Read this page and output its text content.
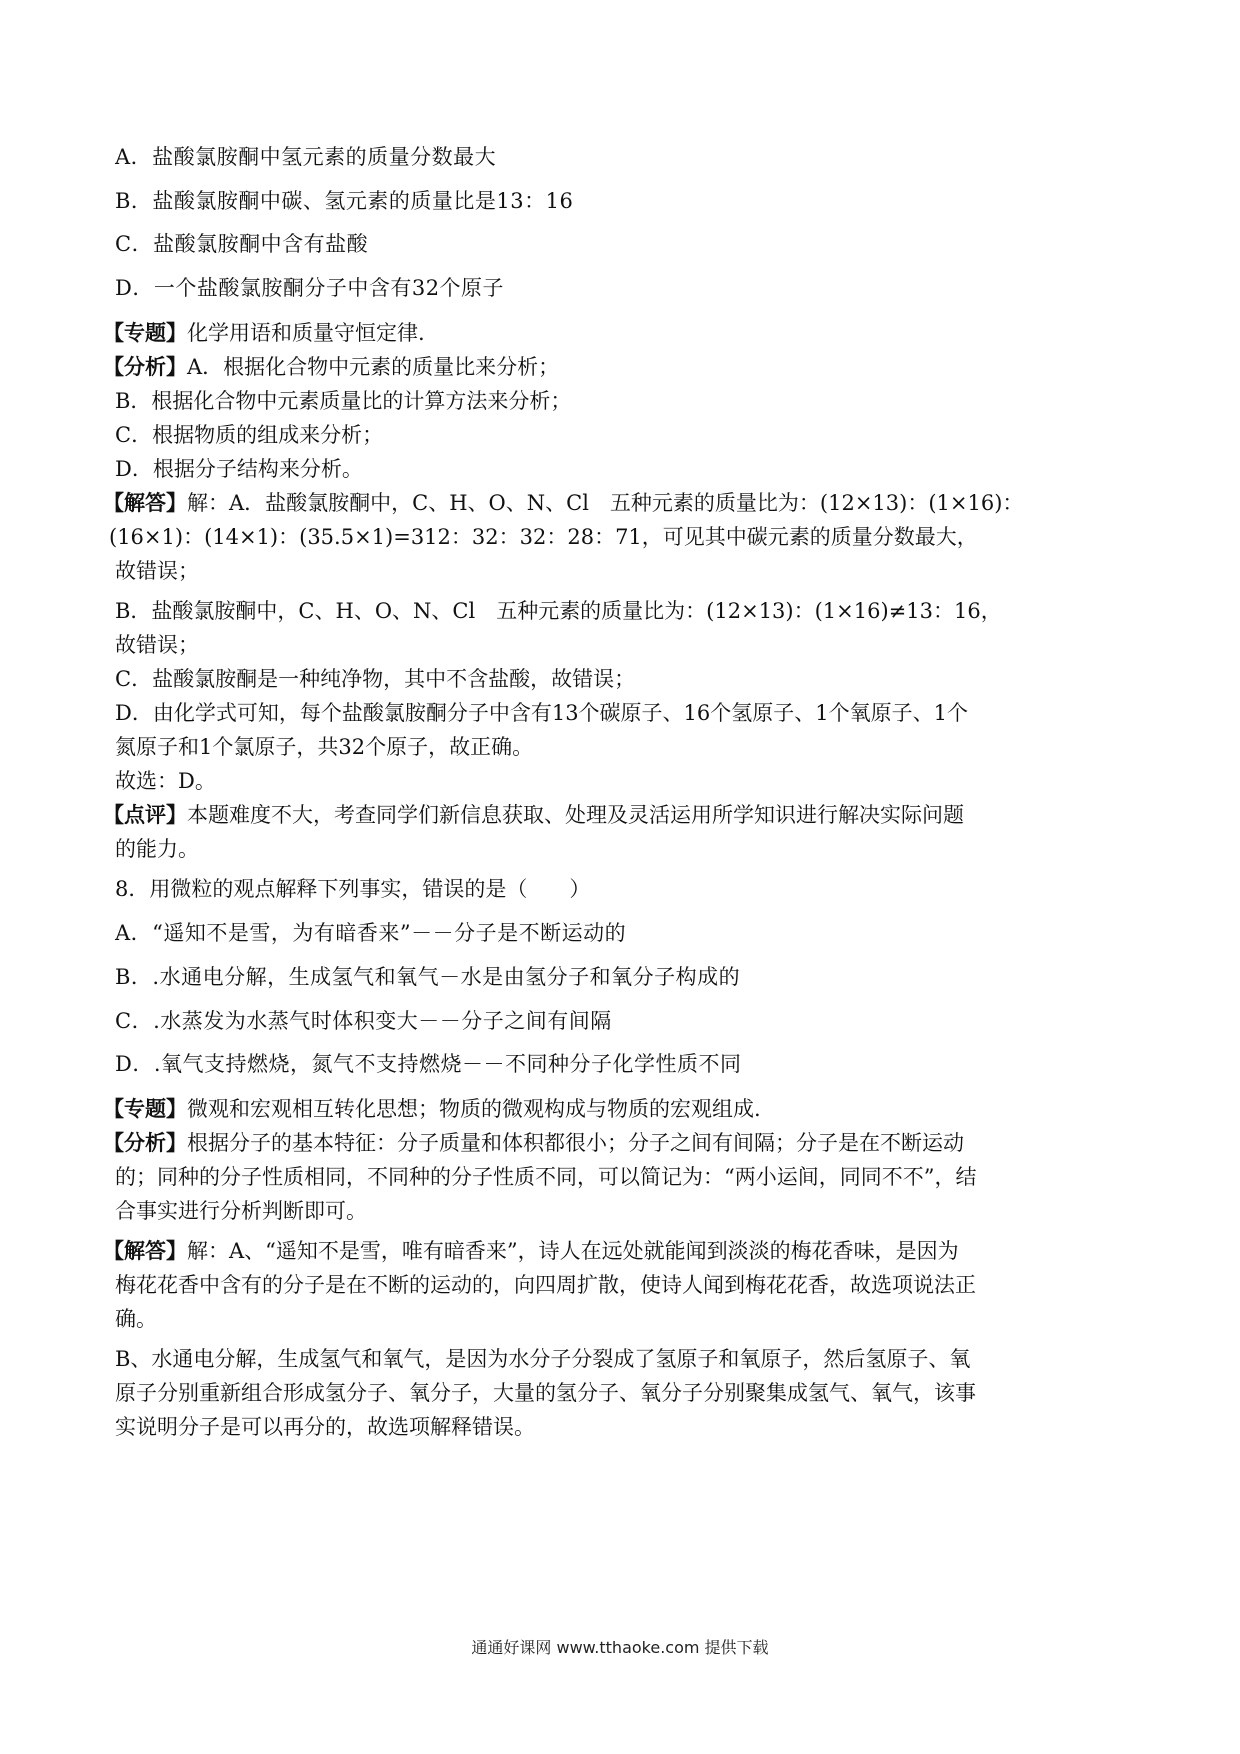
A．盐酸氯胺酮中氢元素的质量分数最大
B．盐酸氯胺酮中碳、氢元素的质量比是13：16
C．盐酸氯胺酮中含有盐酸
D．一个盐酸氯胺酮分子中含有32个原子
【专题】化学用语和质量守恒定律.
【分析】A．根据化合物中元素的质量比来分析；
B．根据化合物中元素质量比的计算方法来分析；
C．根据物质的组成来分析；
D．根据分子结构来分析。
【解答】解：A．盐酸氯胺酮中，C、H、O、N、Cl　五种元素的质量比为：(12×13)：(1×16)：
(16×1)：(14×1)：(35.5×1)=312：32：32：28：71，可见其中碳元素的质量分数最大，
故错误；
B．盐酸氯胺酮中，C、H、O、N、Cl　五种元素的质量比为：(12×13)：(1×16)≠13：16，
故错误；
C．盐酸氯胺酮是一种纯净物，其中不含盐酸，故错误；
D．由化学式可知，每个盐酸氯胺酮分子中含有13个碳原子、16个氢原子、1个氧原子、1个
氮原子和1个氯原子，共32个原子，故正确。
故选：D。
【点评】本题难度不大，考查同学们新信息获取、处理及灵活运用所学知识进行解决实际问题
的能力。
8．用微粒的观点解释下列事实，错误的是（　　）
A．“遥知不是雪，为有暗香来”－－分子是不断运动的
B．.水通电分解，生成氢气和氧气－水是由氢分子和氧分子构成的
C．.水蒸发为水蒸气时体积变大－－分子之间有间隔
D．.氧气支持燃烧，氮气不支持燃烧－－不同种分子化学性质不同
【专题】微观和宏观相互转化思想；物质的微观构成与物质的宏观组成.
【分析】根据分子的基本特征：分子质量和体积都很小；分子之间有间隔；分子是在不断运动
的；同种的分子性质相同，不同种的分子性质不同，可以简记为：“两小运间，同同不不”，结
合事实进行分析判断即可。
【解答】解：A、“遥知不是雪，唯有暗香来”，诗人在远处就能闻到淡淡的梅花香味，是因为
梅花花香中含有的分子是在不断的运动的，向四周扩散，使诗人闻到梅花花香，故选项说法正
确。
B、水通电分解，生成氢气和氧气，是因为水分子分裂成了氢原子和氧原子，然后氢原子、氧
原子分别重新组合形成氢分子、氧分子，大量的氢分子、氧分子分别聚集成氢气、氧气，该事
实说明分子是可以再分的，故选项解释错误。
通通好课网 www.tthaoke.com 提供下载
